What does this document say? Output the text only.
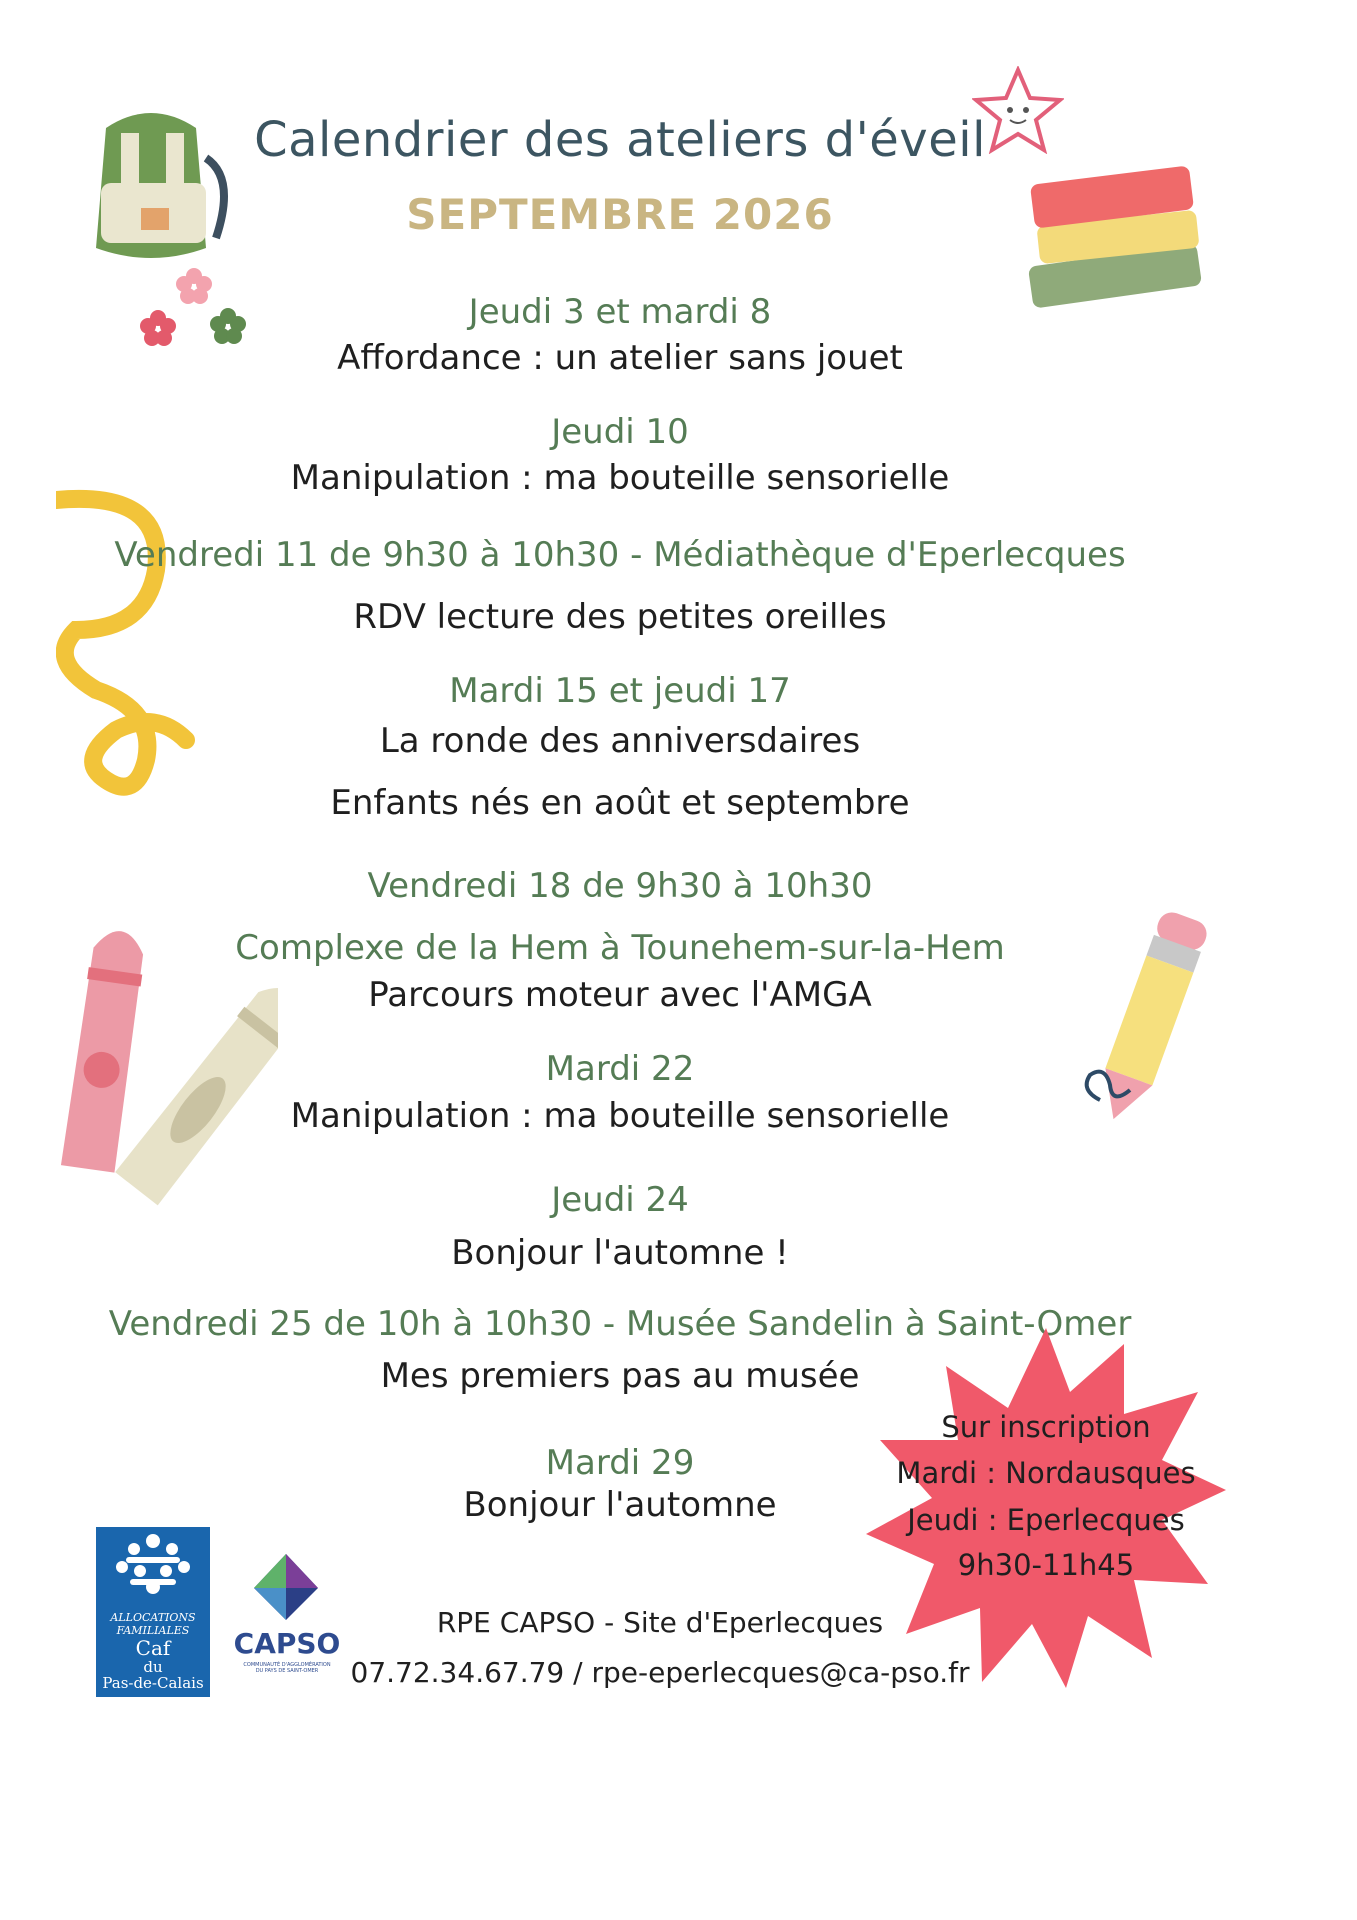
Calendrier des ateliers d'éveil
SEPTEMBRE 2026
Jeudi 3 et mardi 8
Affordance : un atelier sans jouet
Jeudi 10
Manipulation : ma bouteille sensorielle
Vendredi 11 de 9h30 à 10h30 - Médiathèque d'Eperlecques
RDV lecture des petites oreilles
Mardi 15 et jeudi 17
La ronde des anniversdaires
Enfants nés en août et septembre
Vendredi 18 de 9h30 à 10h30
Complexe de la Hem à Tounehem-sur-la-Hem
Parcours moteur avec l'AMGA
Mardi 22
Manipulation : ma bouteille sensorielle
Jeudi 24
Bonjour l'automne !
Vendredi 25 de 10h à 10h30 - Musée Sandelin à Saint-Omer
Mes premiers pas au musée
Mardi 29
Bonjour l'automne
Sur inscription
Mardi : Nordausques
Jeudi : Eperlecques
9h30-11h45
ALLOCATIONS
FAMILIALES
Caf
du
Pas-de-Calais
CAPSO
COMMUNAUTÉ D'AGGLOMÉRATION
DU PAYS DE SAINT-OMER
RPE CAPSO - Site d'Eperlecques
07.72.34.67.79 / rpe-eperlecques@ca-pso.fr
